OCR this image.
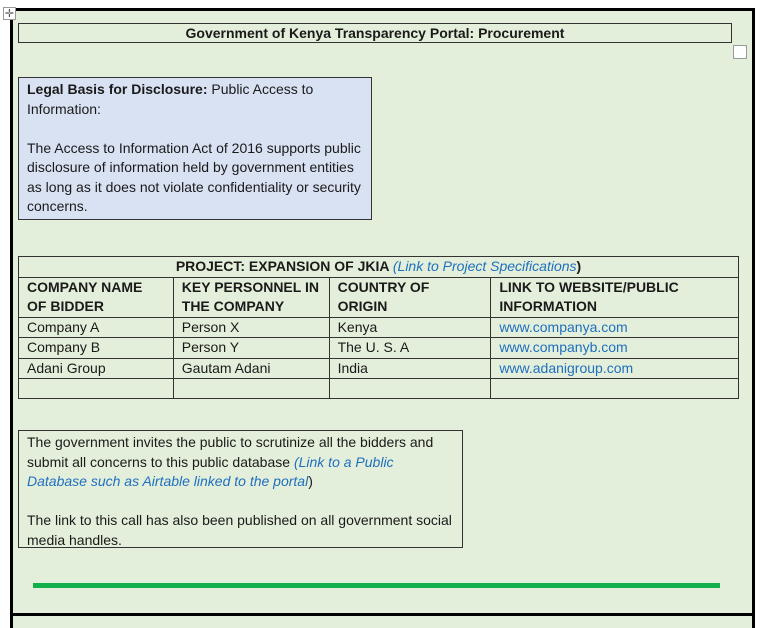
✛
Government of Kenya Transparency Portal: Procurement

Legal Basis for Disclosure: Public Access to Information:

The Access to Information Act of 2016 supports public disclosure of information held by government entities as long as it does not violate confidentiality or security concerns.

PROJECT: EXPANSION OF JKIA (Link to Project Specifications)			
COMPANY NAME OF BIDDER	KEY PERSONNEL IN THE COMPANY	COUNTRY OF ORIGIN	LINK TO WEBSITE/PUBLIC INFORMATION
Company A	Person X	Kenya	www.companya.com
Company B	Person Y	The U. S. A	www.companyb.com
Adani Group	Gautam Adani	India	www.adanigroup.com

The government invites the public to scrutinize all the bidders and submit all concerns to this public database (Link to a Public Database such as Airtable linked to the portal)

The link to this call has also been published on all government social media handles.
